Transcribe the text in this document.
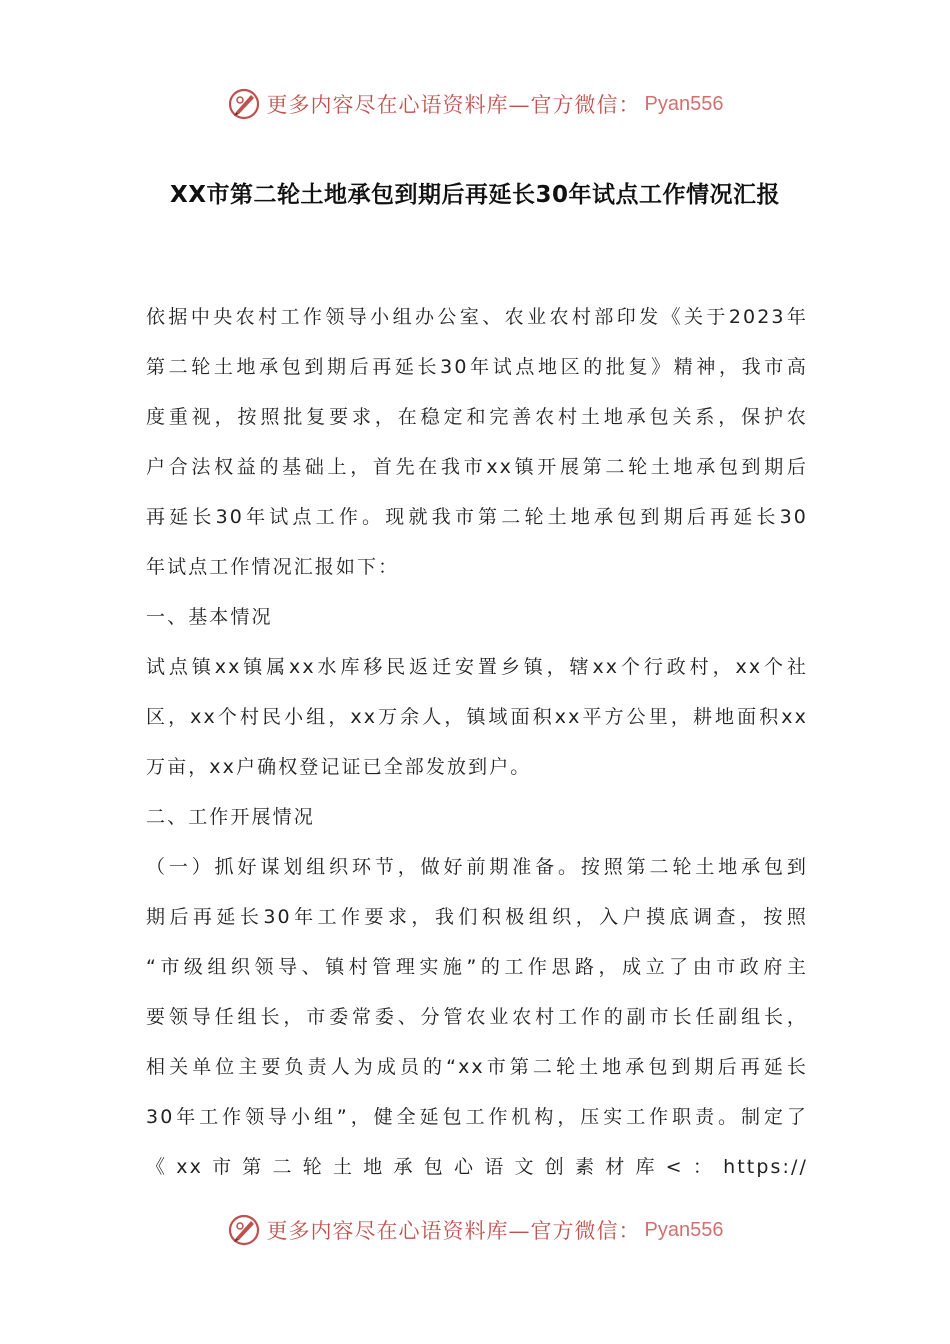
更多内容尽在心语资料库—官方微信： Pyan556
XX市第二轮土地承包到期后再延长30年试点工作情况汇报
依据中央农村工作领导小组办公室、农业农村部印发《关于2023年
第二轮土地承包到期后再延长30年试点地区的批复》精神，我市高
度重视，按照批复要求，在稳定和完善农村土地承包关系，保护农
户合法权益的基础上，首先在我市xx镇开展第二轮土地承包到期后
再延长30年试点工作。现就我市第二轮土地承包到期后再延长30
年试点工作情况汇报如下：
一、基本情况
试点镇xx镇属xx水库移民返迁安置乡镇，辖xx个行政村，xx个社
区，xx个村民小组，xx万余人，镇域面积xx平方公里，耕地面积xx
万亩，xx户确权登记证已全部发放到户。
二、工作开展情况
（一）抓好谋划组织环节，做好前期准备。按照第二轮土地承包到
期后再延长30年工作要求，我们积极组织，入户摸底调查，按照
“市级组织领导、镇村管理实施”的工作思路，成立了由市政府主
要领导任组长，市委常委、分管农业农村工作的副市长任副组长，
相关单位主要负责人为成员的“xx市第二轮土地承包到期后再延长
30年工作领导小组”，健全延包工作机构，压实工作职责。制定了
《xx市第二轮土地承包心语文创素材库<：https://
更多内容尽在心语资料库—官方微信： Pyan556
